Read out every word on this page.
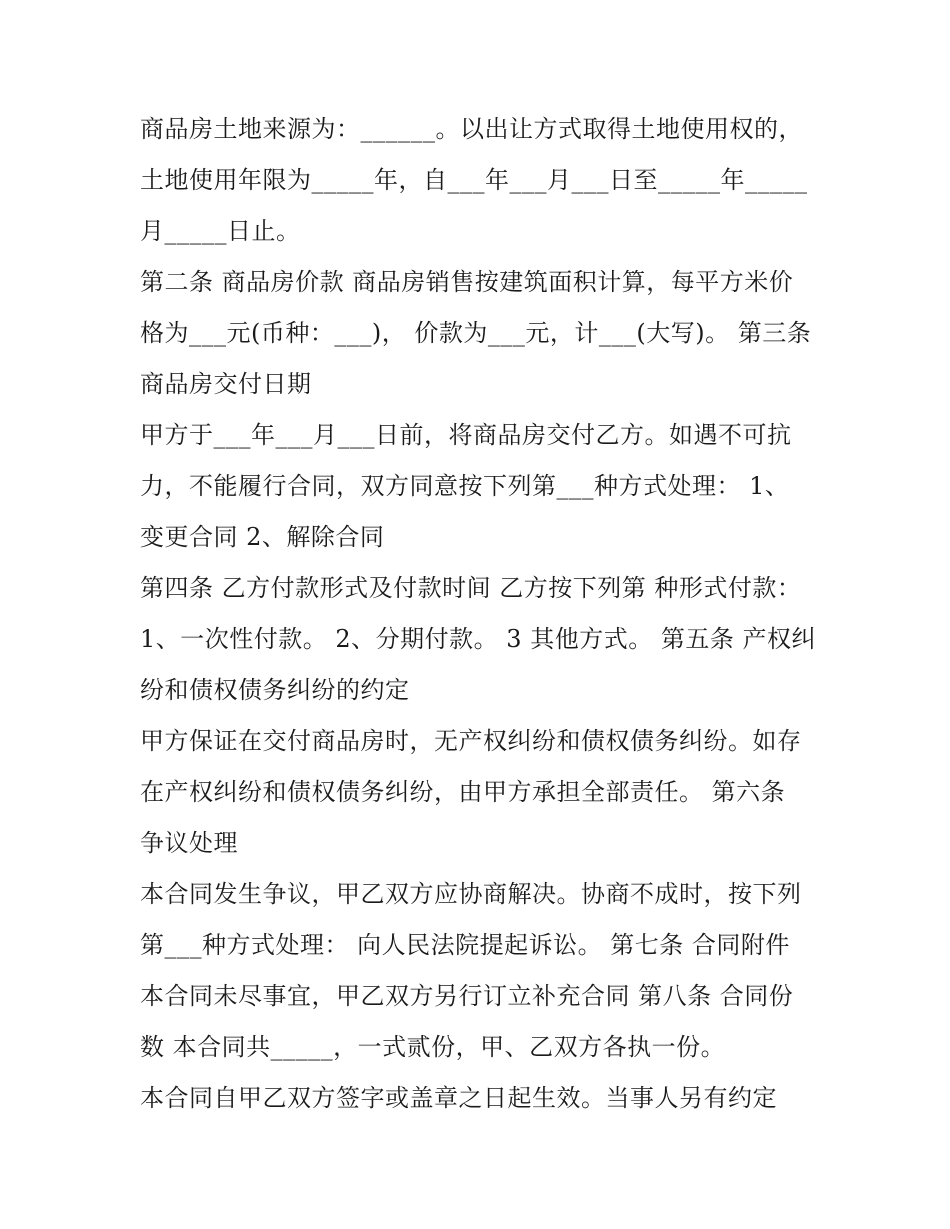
商品房土地来源为：______。以出让方式取得土地使用权的，
土地使用年限为_____年，自___年___月___日至_____年_____
月_____日止。
第二条 商品房价款 商品房销售按建筑面积计算，每平方米价
格为___元(币种：___)， 价款为___元，计___(大写)。 第三条
商品房交付日期
甲方于___年___月___日前，将商品房交付乙方。如遇不可抗
力，不能履行合同，双方同意按下列第___种方式处理： 1、
变更合同 2、解除合同
第四条 乙方付款形式及付款时间 乙方按下列第 种形式付款：
1、一次性付款。 2、分期付款。 3 其他方式。 第五条 产权纠
纷和债权债务纠纷的约定
甲方保证在交付商品房时，无产权纠纷和债权债务纠纷。如存
在产权纠纷和债权债务纠纷，由甲方承担全部责任。 第六条
争议处理
本合同发生争议，甲乙双方应协商解决。协商不成时，按下列
第___种方式处理： 向人民法院提起诉讼。 第七条 合同附件
本合同未尽事宜，甲乙双方另行订立补充合同 第八条 合同份
数 本合同共_____，一式贰份，甲、乙双方各执一份。
本合同自甲乙双方签字或盖章之日起生效。当事人另有约定
